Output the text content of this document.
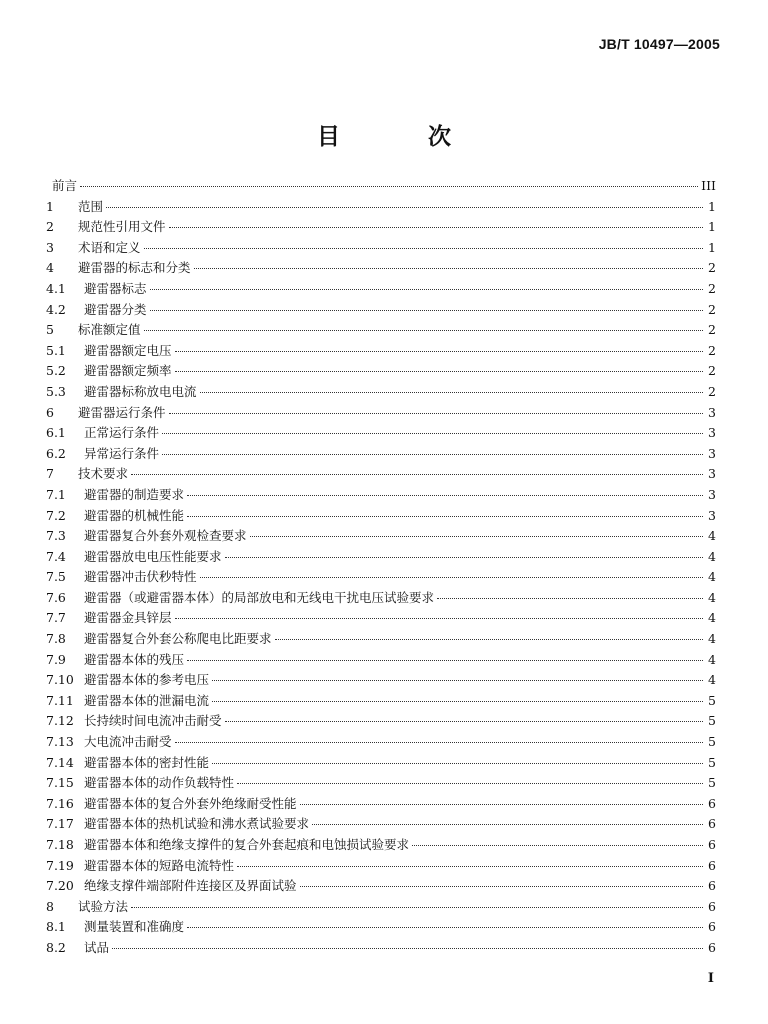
JB/T 10497—2005
目 次
前言	III
1	范围	1
2	规范性引用文件	1
3	术语和定义	1
4	避雷器的标志和分类	2
4.1	避雷器标志	2
4.2	避雷器分类	2
5	标准额定值	2
5.1	避雷器额定电压	2
5.2	避雷器额定频率	2
5.3	避雷器标称放电电流	2
6	避雷器运行条件	3
6.1	正常运行条件	3
6.2	异常运行条件	3
7	技术要求	3
7.1	避雷器的制造要求	3
7.2	避雷器的机械性能	3
7.3	避雷器复合外套外观检查要求	4
7.4	避雷器放电电压性能要求	4
7.5	避雷器冲击伏秒特性	4
7.6	避雷器（或避雷器本体）的局部放电和无线电干扰电压试验要求	4
7.7	避雷器金具锌层	4
7.8	避雷器复合外套公称爬电比距要求	4
7.9	避雷器本体的残压	4
7.10 避雷器本体的参考电压	4
7.11 避雷器本体的泄漏电流	5
7.12 长持续时间电流冲击耐受	5
7.13 大电流冲击耐受	5
7.14 避雷器本体的密封性能	5
7.15 避雷器本体的动作负载特性	5
7.16 避雷器本体的复合外套外绝缘耐受性能	6
7.17 避雷器本体的热机试验和沸水煮试验要求	6
7.18 避雷器本体和绝缘支撑件的复合外套起痕和电蚀损试验要求	6
7.19 避雷器本体的短路电流特性	6
7.20 绝缘支撑件端部附件连接区及界面试验	6
8	试验方法	6
8.1	测量装置和准确度	6
8.2	试品	6
I
